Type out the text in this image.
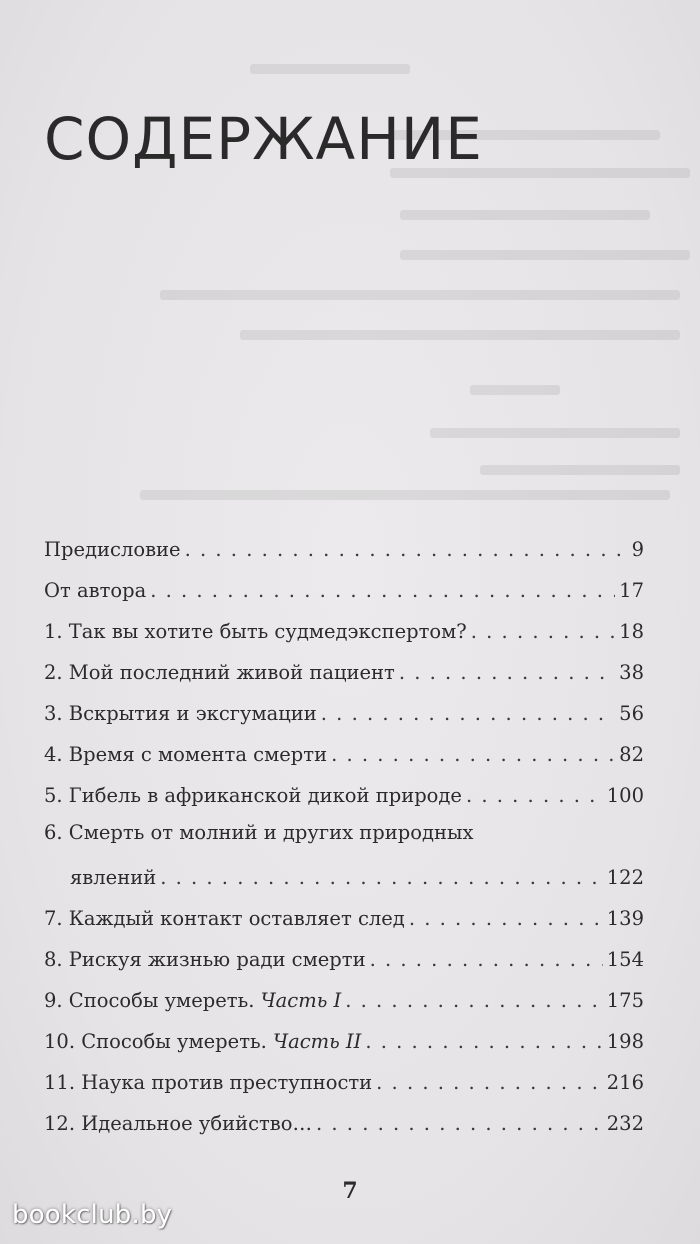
СОДЕРЖАНИЕ
Предисловие . . .	9
От автора . . .	17
1. Так вы хотите быть судмедэкспертом? . . .	18
2. Мой последний живой пациент . . .	38
3. Вскрытия и эксгумации . . .	56
4. Время с момента смерти . . .	82
5. Гибель в африканской дикой природе . . .	100
6. Смерть от молний и других природных
явлений . . .	122
7. Каждый контакт оставляет след . . .	139
8. Рискуя жизнью ради смерти . . .	154
9. Способы умереть. Часть I . . .	175
10. Способы умереть. Часть II . . .	198
11. Наука против преступности . . .	216
12. Идеальное убийство… . . .	232
7
bookclub.by
